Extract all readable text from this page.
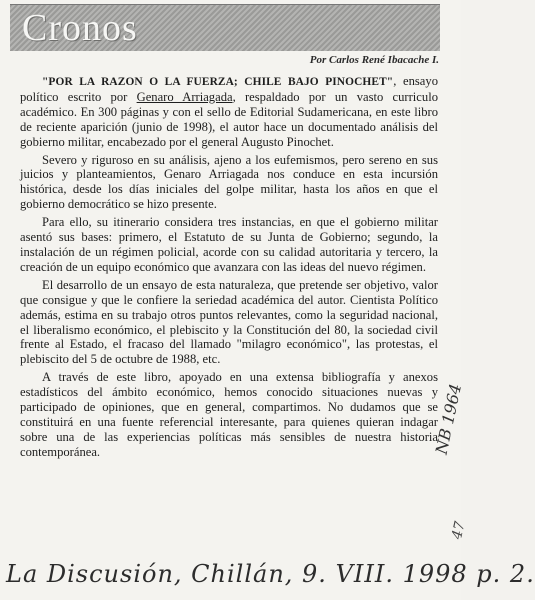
Cronos
Por Carlos René Ibacache I.

"POR LA RAZON O LA FUERZA; CHILE BAJO PINOCHET", ensayo político escrito por Genaro Arriagada, respaldado por un vasto curriculo académico. En 300 páginas y con el sello de Editorial Sudamericana, en este libro de reciente aparición (junio de 1998), el autor hace un documentado análisis del gobierno militar, encabezado por el general Augusto Pinochet.

Severo y riguroso en su análisis, ajeno a los eufemismos, pero sereno en sus juicios y planteamientos, Genaro Arriagada nos conduce en esta incursión histórica, desde los días iniciales del golpe militar, hasta los años en que el gobierno democrático se hizo presente.

Para ello, su itinerario considera tres instancias, en que el gobierno militar asentó sus bases: primero, el Estatuto de su Junta de Gobierno; segundo, la instalación de un régimen policial, acorde con su calidad autoritaria y tercero, la creación de un equipo económico que avanzara con las ideas del nuevo régimen.

El desarrollo de un ensayo de esta naturaleza, que pretende ser objetivo, valor que consigue y que le confiere la seriedad académica del autor. Cientista Político además, estima en su trabajo otros puntos relevantes, como la seguridad nacional, el liberalismo económico, el plebiscito y la Constitución del 80, la sociedad civil frente al Estado, el fracaso del llamado "milagro económico", las protestas, el plebiscito del 5 de octubre de 1988, etc.

A través de este libro, apoyado en una extensa bibliografía y anexos estadísticos del ámbito económico, hemos conocido situaciones nuevas y participado de opiniones, que en general, compartimos. No dudamos que se constituirá en una fuente referencial interesante, para quienes quieran indagar sobre una de las experiencias políticas más sensibles de nuestra historia contemporánea.	NB 1964
47
La Discusión, Chillán, 9. VIII. 1998 p. 2.
